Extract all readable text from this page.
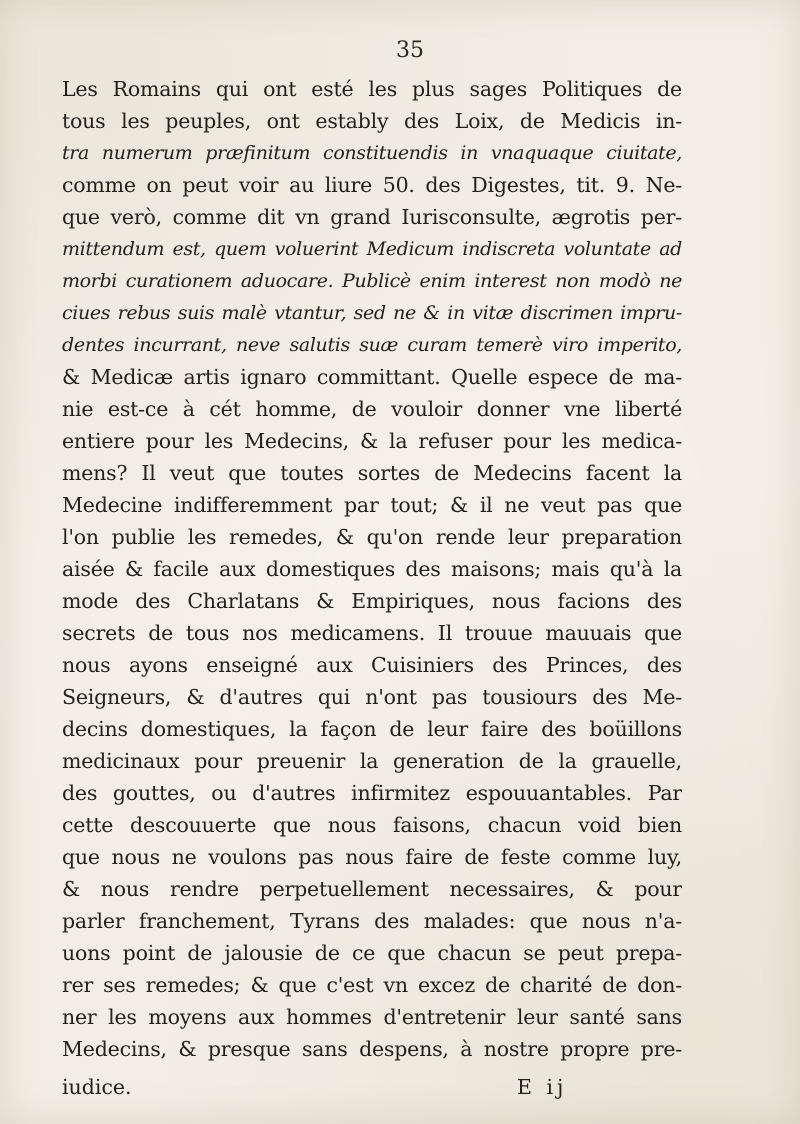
35
Les Romains qui ont esté les plus sages Politiques de
tous les peuples, ont estably des Loix, de Medicis in-
tra numerum præfinitum constituendis in vnaquaque ciuitate,
comme on peut voir au liure 50. des Digestes, tit. 9. Ne-
que verò, comme dit vn grand Iurisconsulte, ægrotis per-
mittendum est, quem voluerint Medicum indiscreta voluntate ad
morbi curationem aduocare. Publicè enim interest non modò ne
ciues rebus suis malè vtantur, sed ne & in vitæ discrimen impru-
dentes incurrant, neve salutis suæ curam temerè viro imperito,
& Medicæ artis ignaro committant. Quelle espece de ma-
nie est-ce à cét homme, de vouloir donner vne liberté
entiere pour les Medecins, & la refuser pour les medica-
mens? Il veut que toutes sortes de Medecins facent la
Medecine indifferemment par tout; & il ne veut pas que
l'on publie les remedes, & qu'on rende leur preparation
aisée & facile aux domestiques des maisons; mais qu'à la
mode des Charlatans & Empiriques, nous facions des
secrets de tous nos medicamens. Il trouue mauuais que
nous ayons enseigné aux Cuisiniers des Princes, des
Seigneurs, & d'autres qui n'ont pas tousiours des Me-
decins domestiques, la façon de leur faire des boüillons
medicinaux pour preuenir la generation de la grauelle,
des gouttes, ou d'autres infirmitez espouuantables. Par
cette descouuerte que nous faisons, chacun void bien
que nous ne voulons pas nous faire de feste comme luy,
& nous rendre perpetuellement necessaires, & pour
parler franchement, Tyrans des malades: que nous n'a-
uons point de jalousie de ce que chacun se peut prepa-
rer ses remedes; & que c'est vn excez de charité de don-
ner les moyens aux hommes d'entretenir leur santé sans
Medecins, & presque sans despens, à nostre propre pre-
iudice.	E ij
